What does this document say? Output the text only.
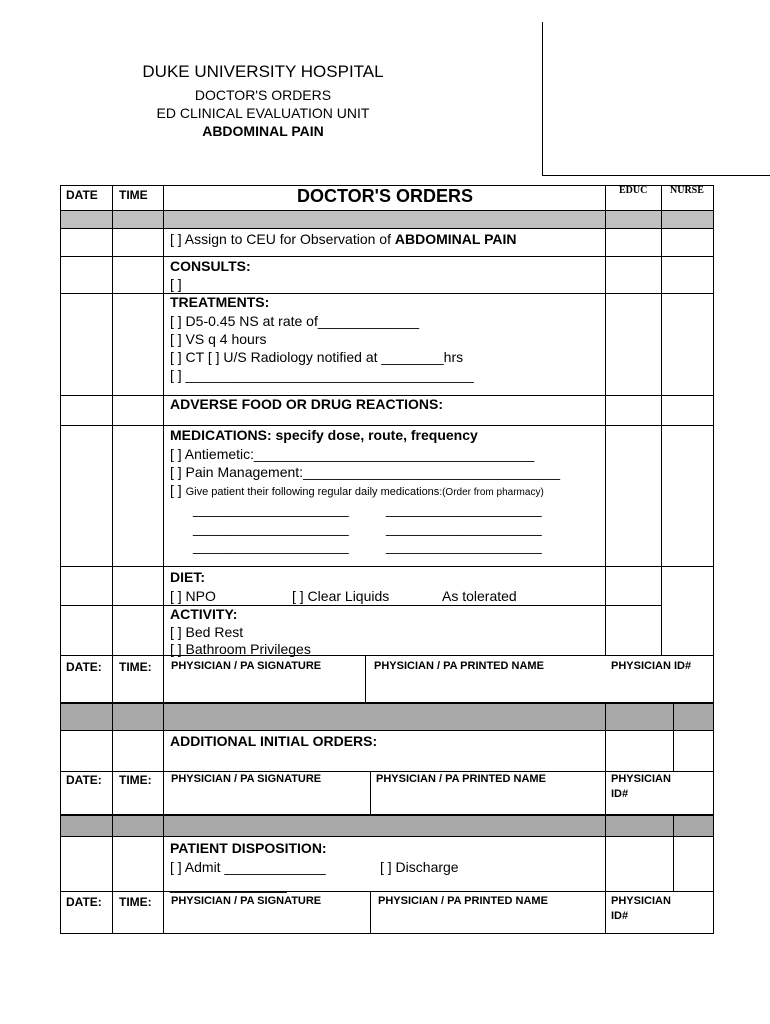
DUKE UNIVERSITY HOSPITAL
DOCTOR'S ORDERS
ED CLINICAL EVALUATION UNIT
ABDOMINAL PAIN
DATE TIME	DOCTOR'S ORDERS	EDUC NURSE
[ ] Assign to CEU for Observation of ABDOMINAL PAIN
CONSULTS:
[ ]
TREATMENTS:
[ ] D5-0.45 NS at rate of_____________
[ ] VS q 4 hours
[ ] CT [ ] U/S Radiology notified at ________hrs
[ ] _____________________________________
ADVERSE FOOD OR DRUG REACTIONS:
MEDICATIONS: specify dose, route, frequency
[ ] Antiemetic:____________________________________
[ ] Pain Management:_________________________________
[ ] Give patient their following regular daily medications:(Order from pharmacy)
____________________	____________________
____________________	____________________
____________________	____________________
DIET:
[ ] NPO	[ ] Clear Liquids	As tolerated
ACTIVITY:
[ ] Bed Rest
[ ] Bathroom Privileges
DATE: TIME: PHYSICIAN / PA SIGNATURE	PHYSICIAN / PA PRINTED NAME	PHYSICIAN ID#
ADDITIONAL INITIAL ORDERS:
DATE: TIME: PHYSICIAN / PA SIGNATURE	PHYSICIAN / PA PRINTED NAME	PHYSICIAN
ID#
PATIENT DISPOSITION:
[ ] Admit _____________	[ ] Discharge
_______________
DATE: TIME: PHYSICIAN / PA SIGNATURE	PHYSICIAN / PA PRINTED NAME	PHYSICIAN
ID#
